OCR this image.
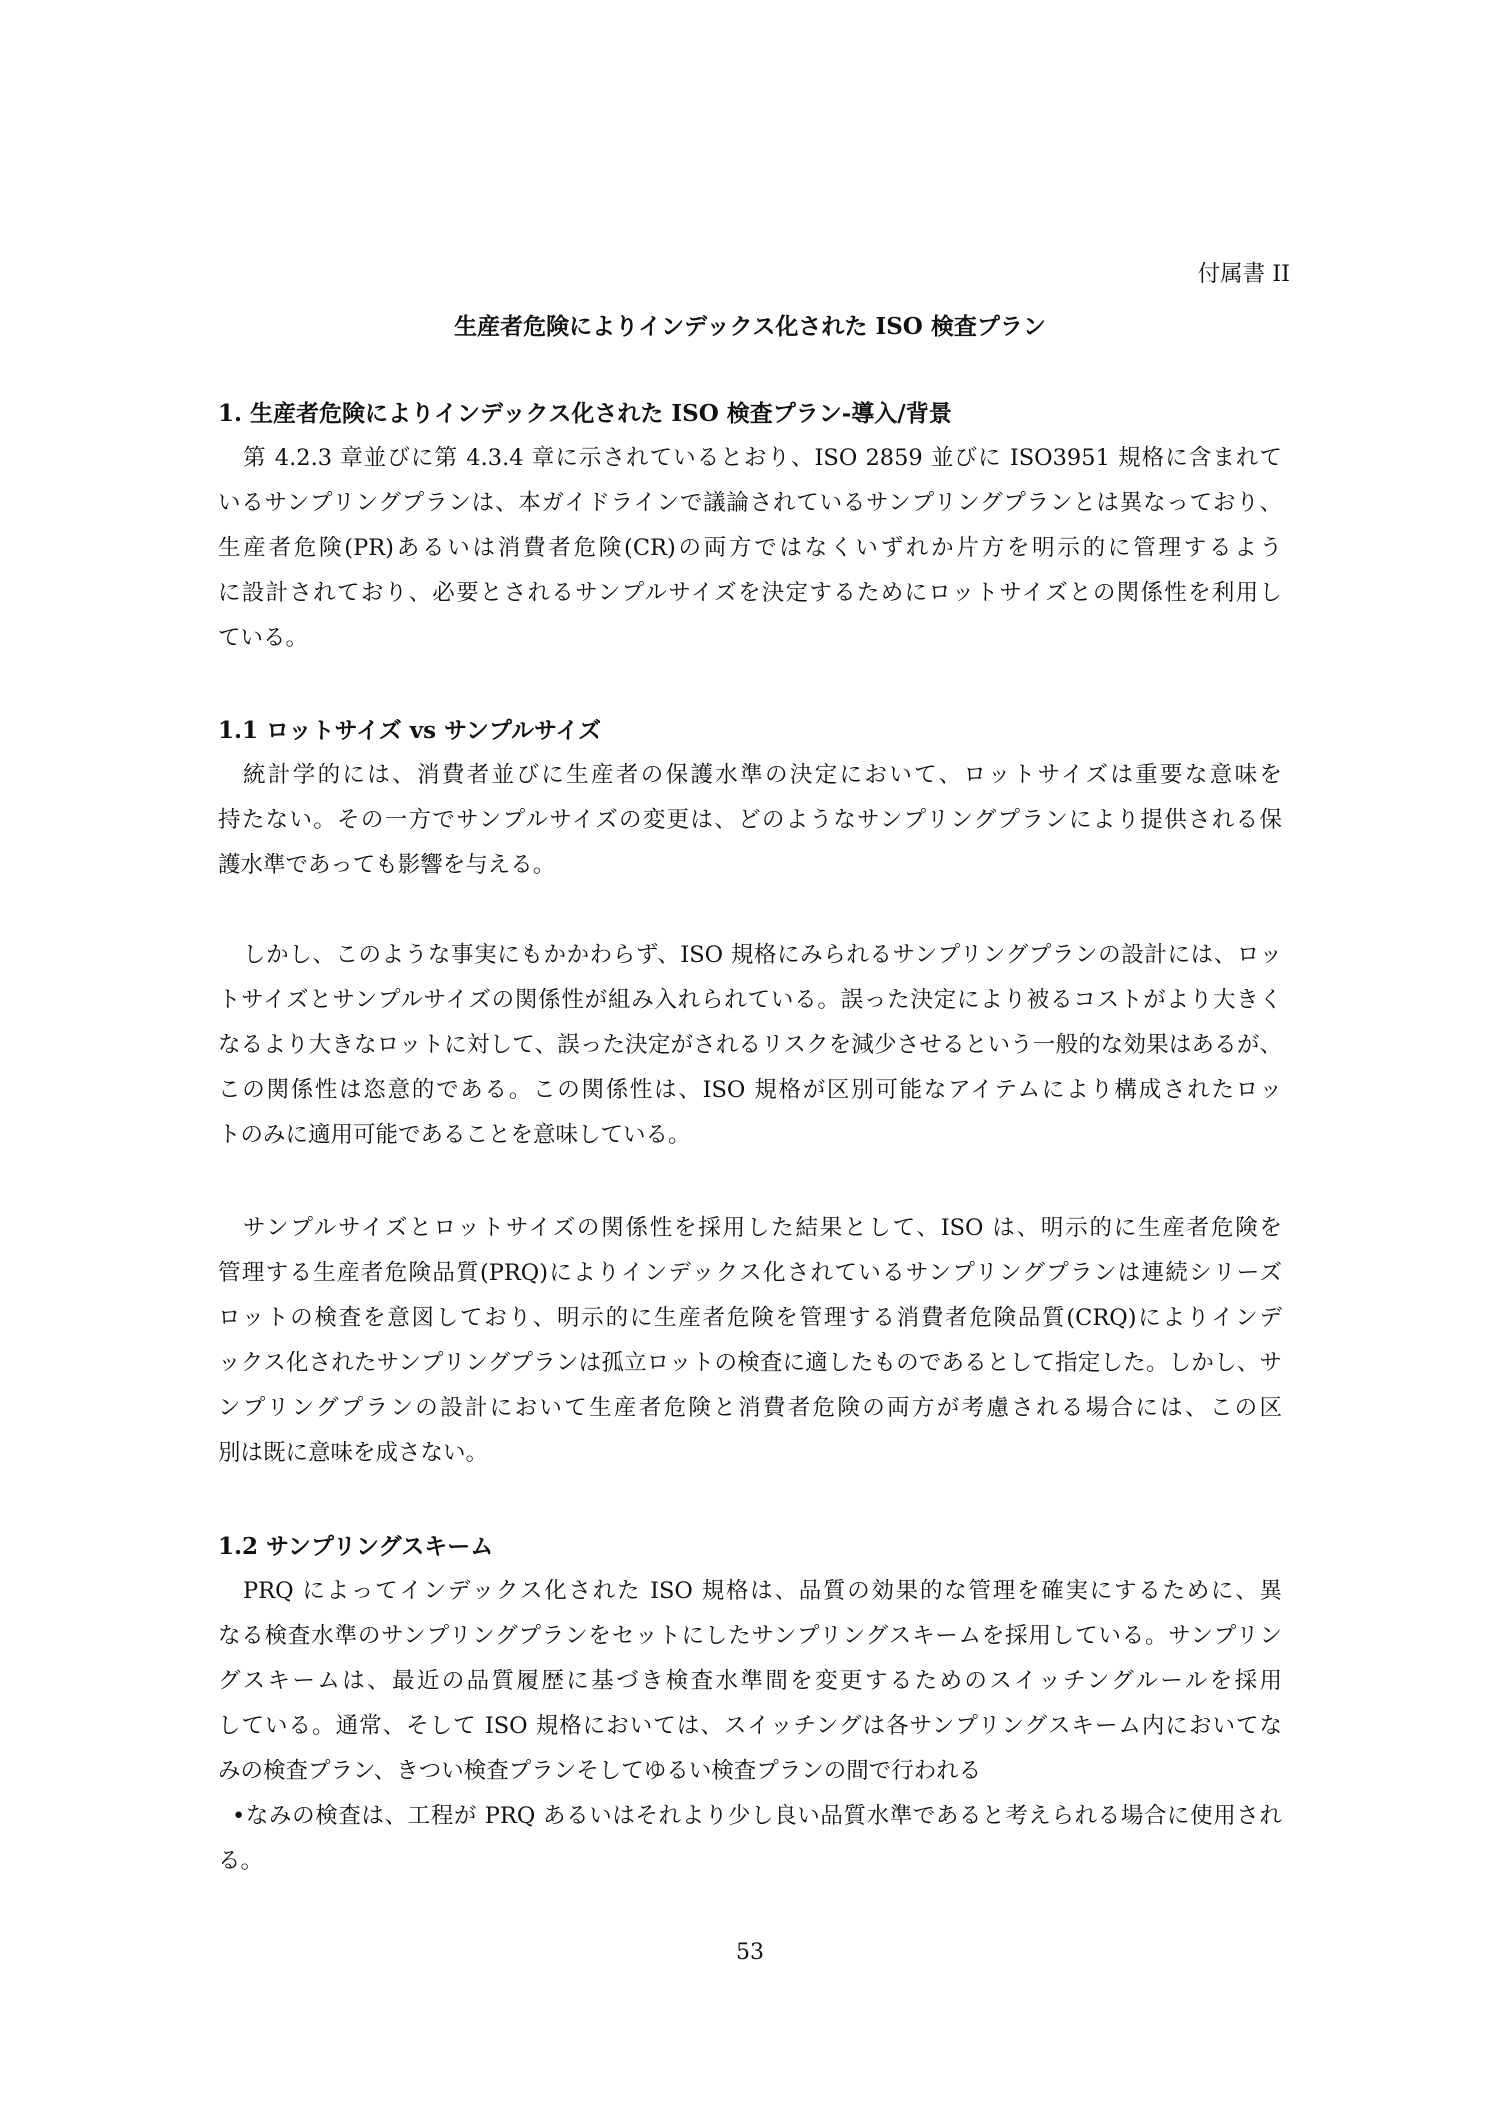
付属書 II
生産者危険によりインデックス化された ISO 検査プラン
1. 生産者危険によりインデックス化された ISO 検査プラン-導入/背景
第 4.2.3 章並びに第 4.3.4 章に示されているとおり、ISO 2859 並びに ISO3951 規格に含まれて
いるサンプリングプランは、本ガイドラインで議論されているサンプリングプランとは異なっており、
生産者危険(PR)あるいは消費者危険(CR)の両方ではなくいずれか片方を明示的に管理するよう
に設計されており、必要とされるサンプルサイズを決定するためにロットサイズとの関係性を利用し
ている。
1.1 ロットサイズ vs サンプルサイズ
統計学的には、消費者並びに生産者の保護水準の決定において、ロットサイズは重要な意味を
持たない。その一方でサンプルサイズの変更は、どのようなサンプリングプランにより提供される保
護水準であっても影響を与える。
しかし、このような事実にもかかわらず、ISO 規格にみられるサンプリングプランの設計には、ロッ
トサイズとサンプルサイズの関係性が組み入れられている。誤った決定により被るコストがより大きく
なるより大きなロットに対して、誤った決定がされるリスクを減少させるという一般的な効果はあるが、
この関係性は恣意的である。この関係性は、ISO 規格が区別可能なアイテムにより構成されたロッ
トのみに適用可能であることを意味している。
サンプルサイズとロットサイズの関係性を採用した結果として、ISO は、明示的に生産者危険を
管理する生産者危険品質(PRQ)によりインデックス化されているサンプリングプランは連続シリーズ
ロットの検査を意図しており、明示的に生産者危険を管理する消費者危険品質(CRQ)によりインデ
ックス化されたサンプリングプランは孤立ロットの検査に適したものであるとして指定した。しかし、サ
ンプリングプランの設計において生産者危険と消費者危険の両方が考慮される場合には、この区
別は既に意味を成さない。
1.2 サンプリングスキーム
PRQ によってインデックス化された ISO 規格は、品質の効果的な管理を確実にするために、異
なる検査水準のサンプリングプランをセットにしたサンプリングスキームを採用している。サンプリン
グスキームは、最近の品質履歴に基づき検査水準間を変更するためのスイッチングルールを採用
している。通常、そして ISO 規格においては、スイッチングは各サンプリングスキーム内においてな
みの検査プラン、きつい検査プランそしてゆるい検査プランの間で行われる
•なみの検査は、工程が PRQ あるいはそれより少し良い品質水準であると考えられる場合に使用され
る。
53
